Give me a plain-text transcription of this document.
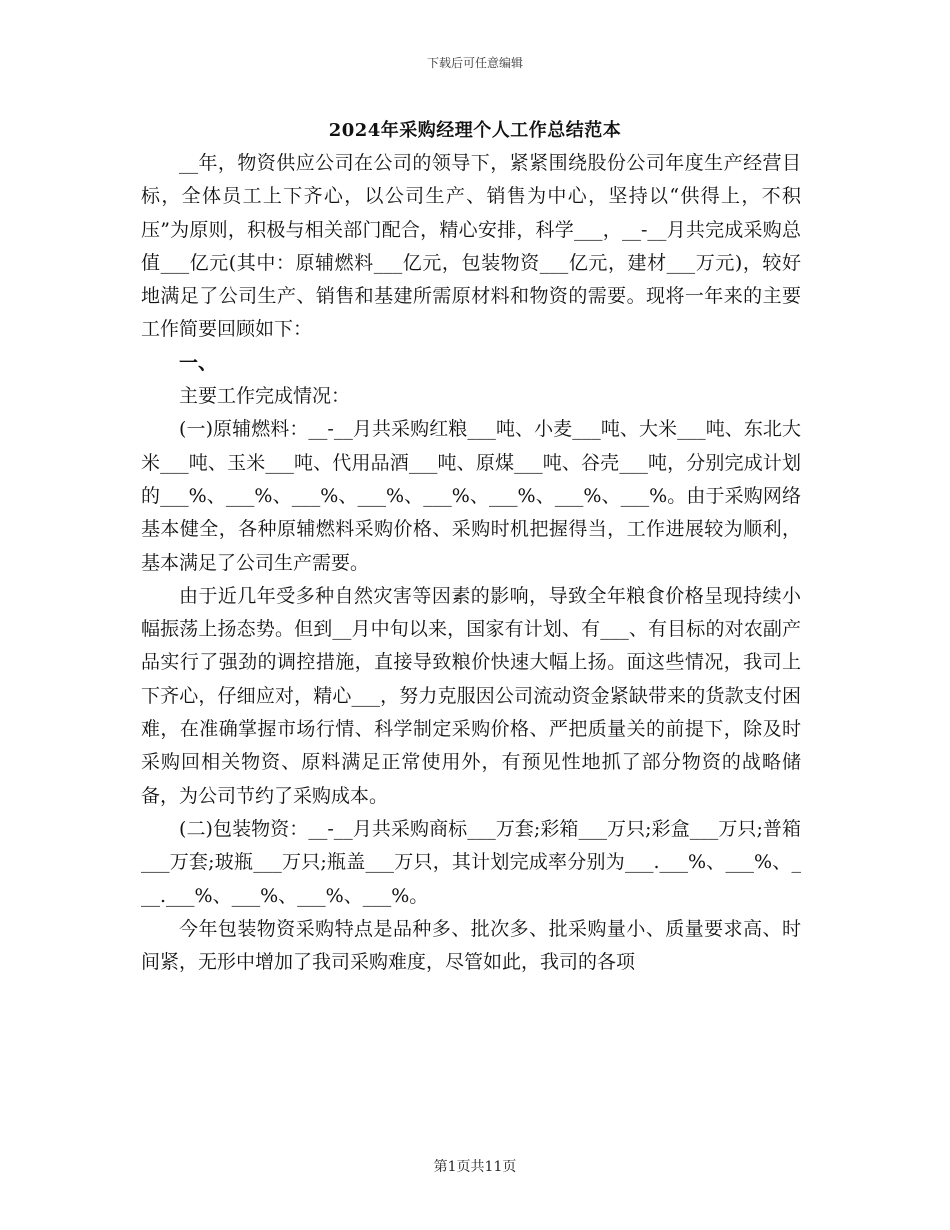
下载后可任意编辑
2024年采购经理个人工作总结范本

__年，物资供应公司在公司的领导下，紧紧围绕股份公司年度生产经营目标，全体员工上下齐心，以公司生产、销售为中心，坚持以“供得上，不积压”为原则，积极与相关部门配合，精心安排，科学___，__-__月共完成采购总值___亿元(其中：原辅燃料___亿元，包装物资___亿元，建材___万元)，较好地满足了公司生产、销售和基建所需原材料和物资的需要。现将一年来的主要工作简要回顾如下：

一、

主要工作完成情况：

(一)原辅燃料：__-__月共采购红粮___吨、小麦___吨、大米___吨、东北大米___吨、玉米___吨、代用品酒___吨、原煤___吨、谷壳___吨，分别完成计划的___%、___%、___%、___%、___%、___%、___%、___%。由于采购网络基本健全，各种原辅燃料采购价格、采购时机把握得当，工作进展较为顺利，基本满足了公司生产需要。

由于近几年受多种自然灾害等因素的影响，导致全年粮食价格呈现持续小幅振荡上扬态势。但到__月中旬以来，国家有计划、有___、有目标的对农副产品实行了强劲的调控措施，直接导致粮价快速大幅上扬。面这些情况，我司上下齐心，仔细应对，精心___，努力克服因公司流动资金紧缺带来的货款支付困难，在准确掌握市场行情、科学制定采购价格、严把质量关的前提下，除及时采购回相关物资、原料满足正常使用外，有预见性地抓了部分物资的战略储备，为公司节约了采购成本。

(二)包装物资：__-__月共采购商标___万套;彩箱___万只;彩盒___万只;普箱___万套;玻瓶___万只;瓶盖___万只，其计划完成率分别为___.___%、___%、___.___%、___%、___%、___%。

今年包装物资采购特点是品种多、批次多、批采购量小、质量要求高、时间紧，无形中增加了我司采购难度，尽管如此，我司的各项

第1页共11页
